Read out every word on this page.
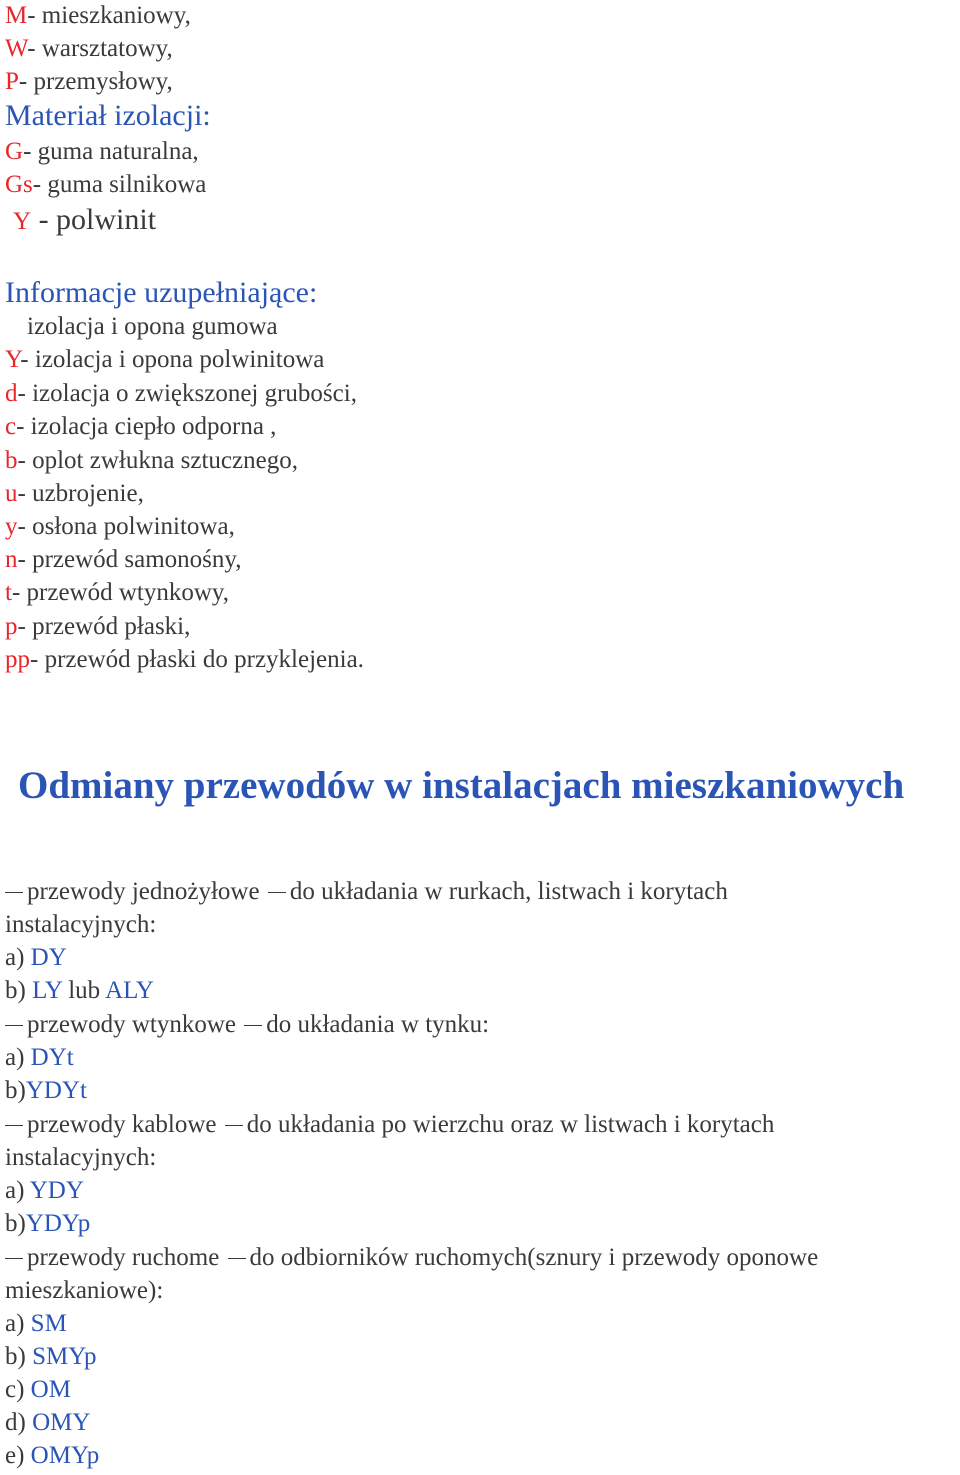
M- mieszkaniowy,
W- warsztatowy,
P- przemysłowy,
Materiał izolacji:
G- guma naturalna,
Gs- guma silnikowa
Y - polwinit
Informacje uzupełniające:
izolacja i opona gumowa
Y- izolacja i opona polwinitowa
d- izolacja o zwiększonej grubości,
c- izolacja ciepło odporna ,
b- oplot zwłukna sztucznego,
u- uzbrojenie,
y- osłona polwinitowa,
n- przewód samonośny,
t- przewód wtynkowy,
p- przewód płaski,
pp- przewód płaski do przyklejenia.
Odmiany przewodów w instalacjach mieszkaniowych
przewody jednożyłowe do układania w rurkach, listwach i korytach
instalacyjnych:
a) DY
b) LY lub ALY
przewody wtynkowe do układania w tynku:
a) DYt
b)YDYt
przewody kablowe do układania po wierzchu oraz w listwach i korytach
instalacyjnych:
a) YDY
b)YDYp
przewody ruchome do odbiorników ruchomych(sznury i przewody oponowe
mieszkaniowe):
a) SM
b) SMYp
c) OM
d) OMY
e) OMYp
